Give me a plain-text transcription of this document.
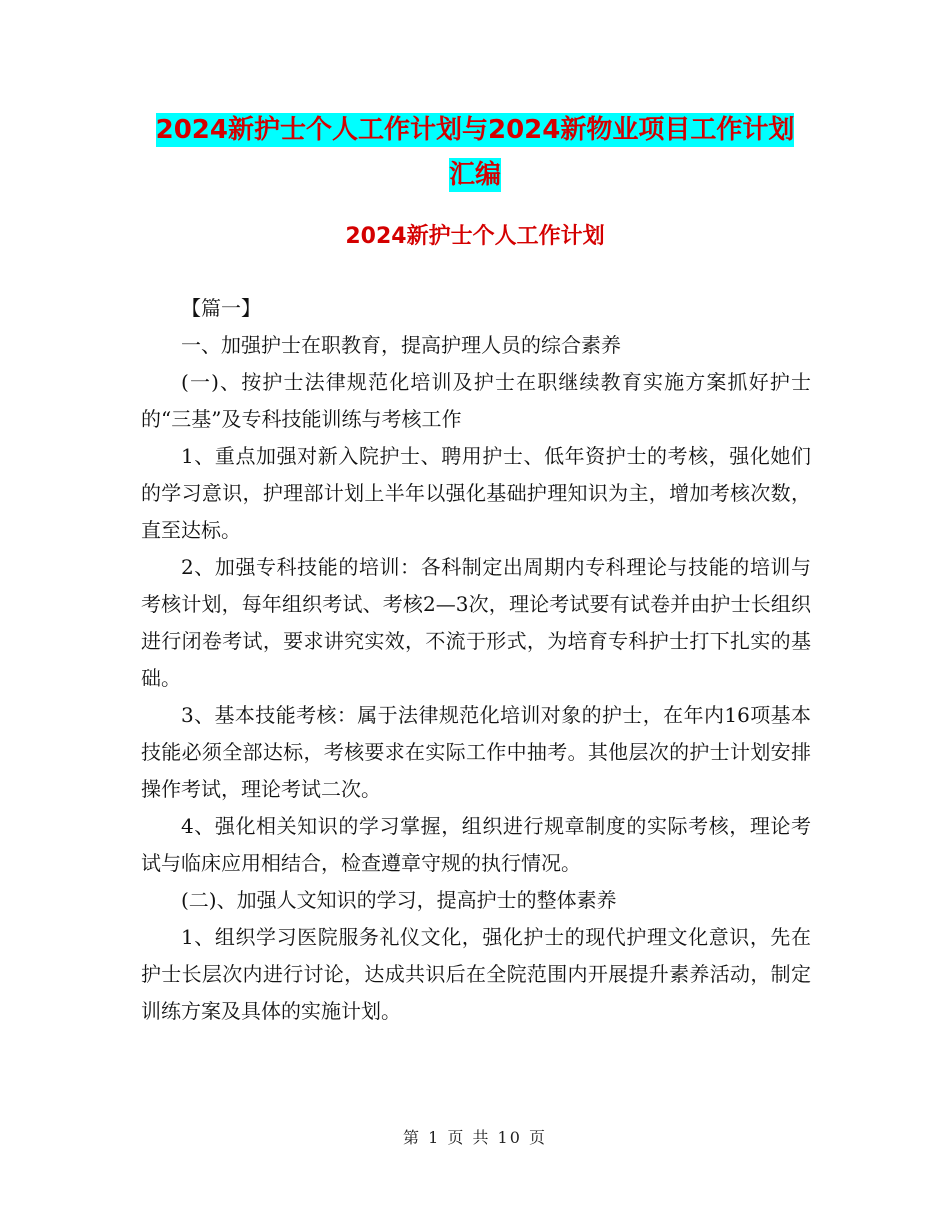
2024新护士个人工作计划与2024新物业项目工作计划
汇编
2024新护士个人工作计划

【篇一】

一、加强护士在职教育，提高护理人员的综合素养

(一)、按护士法律规范化培训及护士在职继续教育实施方案抓好护士的“三基”及专科技能训练与考核工作

1、重点加强对新入院护士、聘用护士、低年资护士的考核，强化她们的学习意识，护理部计划上半年以强化基础护理知识为主，增加考核次数，直至达标。

2、加强专科技能的培训：各科制定出周期内专科理论与技能的培训与考核计划，每年组织考试、考核2—3次，理论考试要有试卷并由护士长组织进行闭卷考试，要求讲究实效，不流于形式，为培育专科护士打下扎实的基础。

3、基本技能考核：属于法律规范化培训对象的护士，在年内16项基本技能必须全部达标，考核要求在实际工作中抽考。其他层次的护士计划安排操作考试，理论考试二次。

4、强化相关知识的学习掌握，组织进行规章制度的实际考核，理论考试与临床应用相结合，检查遵章守规的执行情况。

(二)、加强人文知识的学习，提高护士的整体素养

1、组织学习医院服务礼仪文化，强化护士的现代护理文化意识，先在护士长层次内进行讨论，达成共识后在全院范围内开展提升素养活动，制定训练方案及具体的实施计划。

第 1 页 共 10 页
